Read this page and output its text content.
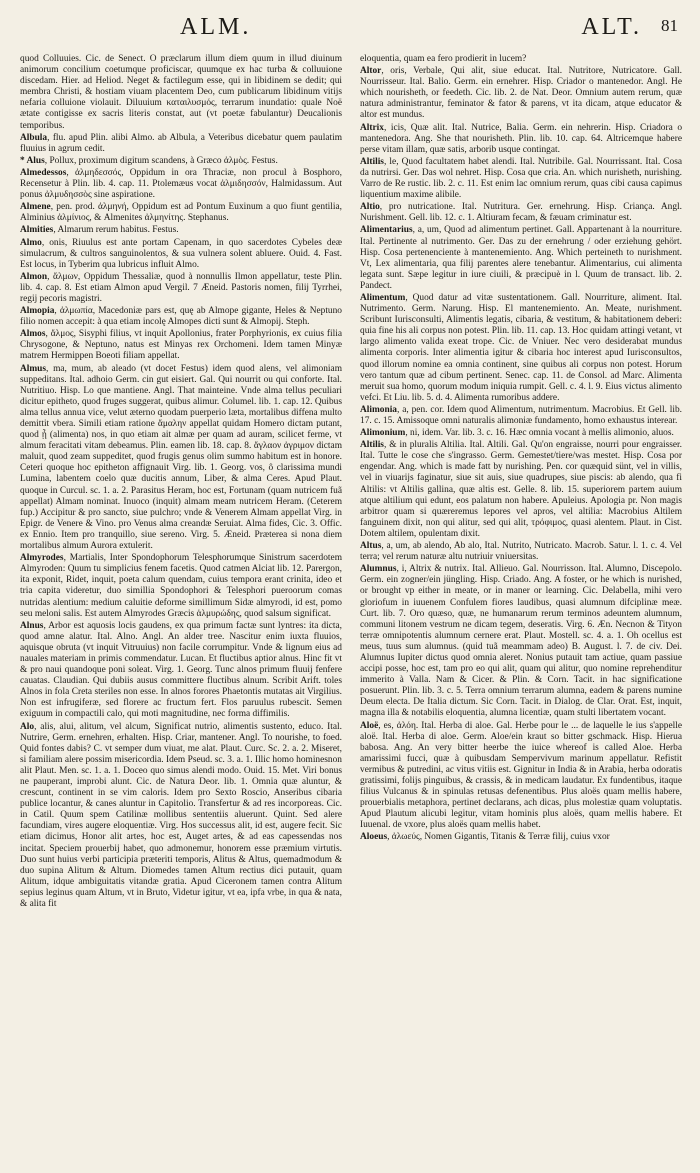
ALM.	ALT. 81

quod Colluuies. Cic. de Senect. O præclarum illum diem quum in illud diuinum animorum concilium coetumque proficiscar, quumque ex hac turba & colluuione discedam. Hier. ad Heliod. Neget & factilegum esse, qui in libidinem se dedit; qui membra Christi, & hostiam viuam placentem Deo, cum publicarum libidinum vitijs nefaria colluione violauit. Diluuium καταιλυσμός, terrarum inundatio: quale Noë ætate contigisse ex sacris literis constat, aut (vt poetæ fabulantur) Deucalionis temporibus.

Albula, flu. apud Plin. alibi Almo. ab Albula, a Veteribus dicebatur quem paulatim fluuius in agrum cedit.

* Alus, Pollux, proximum digitum scandens, à Græco ἀλμὸς. Festus.

Almedessos, ἀλμηδεσσός, Oppidum in ora Thraciæ, non procul à Bosphoro, Recensetur à Plin. lib. 4. cap. 11. Ptolemæus vocat ἀλμιδησσόν, Halmidassum. Aut ponus ἀλμυδησσὸς sine aspiratione.

Almene, pen. prod. ἀλμηνή, Oppidum est ad Pontum Euxinum a quo fiunt gentilia, Alminius ἀλμίνιος, & Almenites ἀλμηνίτης. Stephanus.

Almities, Almarum rerum habitus. Festus.

Almo, onis, Riuulus est ante portam Capenam, in quo sacerdotes Cybeles deæ simulacrum, & cultros sanguinolentos, & sua vulnera solent abluere. Ouid. 4. Fast. Est locus, in Tyberim qua lubricus influit Almo.

Almon, ἄλμων, Oppidum Thessaliæ, quod à nonnullis Ilmon appellatur, teste Plin. lib. 4. cap. 8. Est etiam Almon apud Vergil. 7 Æneid. Pastoris nomen, filij Tyrrhei, regij pecoris magistri.

Almopia, ἀλμωπία, Macedoniæ pars est, quę ab Almope gigante, Heles & Neptuno filio nomen accepit: à qua etiam incolę Almopes dicti sunt & Almopij. Steph.

Almos, ἄλμος, Sisyphi filius, vt inquit Apollonius, frater Porphyrionis, ex cuius filia Chrysogone, & Neptuno, natus est Minyas rex Orchomeni. Idem tamen Minyæ matrem Hermippen Boeoti filiam appellat.

Almus, ma, mum, ab aleado (vt docet Festus) idem quod alens, vel alimoniam suppeditans. Ital. adhoio Germ. cin gut eisiert. Gal. Qui nourrit ou qui conforte. Ital. Nutritiuo. Hisp. Lo que mantiene. Angl. That mainteine. Vnde alma tellus peculiari dicitur epitheto, quod fruges suggerat, quibus alimur. Columel. lib. 1. cap. 12. Quibus alma tellus annua vice, velut æterno quodam puerperio læta, mortalibus diffena multo demittit vbera. Simili etiam ratione ἄμαλην appellat quidam Homero dictam putant, quod ᾗ (alimenta) nos, in quo etiam ait almæ per quam ad auram, scilicet ferme, vt almum feracitati vitam debeamus. Plin. eamen lib. 18. cap. 8. ἄγλαον ἀγριμον dictam maluit, quod zeam suppeditet, quod frugis genus olim summo habitum est in honore. Ceteri quoque hoc epitheton affignauit Virg. lib. 1. Georg. vos, ô clarissima mundi Lumina, labentem coelo quæ ducitis annum, Liber, & alma Ceres. Apud Plaut. quoque in Curcul. sc. 1. a. 2. Parasitus Heram, hoc est, Fortunam (quam nutricem fuã appellat) Almam nominat. Inuoco (inquit) almam meam nutricem Heram. (Ceterem fup.) Accipitur & pro sancto, siue pulchro; vnde & Venerem Almam appellat Virg. in Epigr. de Venere & Vino. pro Venus alma creandæ Seruiat. Alma fides, Cic. 3. Offic. ex Ennio. Item pro tranquillo, siue sereno. Virg. 5. Æneid. Præterea si nona diem mortalibus almum Aurora extulerit.

Almyrodes, Martialis, Inter Spondophorum Telesphorumque Sinistrum sacerdotem Almyroden: Quum tu simplicius fenem facetis. Quod catmen Alciat lib. 12. Parergon, ita exponit, Ridet, inquit, poeta calum quendam, cuius tempora erant crinita, ideo et tria capita videretur, duo simillia Spondophori & Telesphori pueroorum comas nutridas alentium: medium caluitie deforme simillimum Sidæ almyrodi, id est, pomo seu meloni salis. Est autem Almyrodes Græcis ἁλμυρώδης, quod salsum significat.

Alnus, Arbor est aquosis locis gaudens, ex qua primum factæ sunt lyntres: ita dicta, quod amne alatur. Ital. Alno. Angl. An alder tree. Nascitur enim iuxta fluuios, aquisque obruta (vt inquit Vitruuius) non facile corrumpitur. Vnde & lignum eius ad nauales materiam in primis commendatur. Lucan. Et fluctibus aptior alnus. Hinc fit vt & pro naui quandoque poni soleat. Virg. 1. Georg. Tunc alnos primum fluuij fenfere cauatas. Claudian. Qui dubiis ausus committere fluctibus alnum. Scribit Arift. toles Alnos in fola Creta steriles non esse. In alnos forores Phaetontis mutatas ait Virgilius. Non est infrugiferæ, sed florere ac fructum fert. Flos paruulus rubescit. Semen exiguum in compactili calo, qui moti magnitudine, nec forma diffimilis.

Alo, alis, alui, alitum, vel alcum, Significat nutrio, alimentis sustento, educo. Ital. Nutrire, Germ. ernehren, erhalten. Hisp. Criar, mantener. Angl. To nourishe, to foed. Quid fontes dabis? C. vt semper dum viuat, me alat. Plaut. Curc. Sc. 2. a. 2. Miseret, si familiam alere possim misericordia. Idem Pseud. sc. 3. a. 1. Illic homo hominesnon alit Plaut. Men. sc. 1. a. 1. Doceo quo simus alendi modo. Ouid. 15. Met. Viri bonus ne pauperant, improbi alunt. Cic. de Natura Deor. lib. 1. Omnia quæ aluntur, & crescunt, continent in se vim caloris. Idem pro Sexto Roscio, Anseribus cibaria publice locantur, & canes aluntur in Capitolio. Transfertur & ad res incorporeas. Cic. in Catil. Quum spem Catilinæ mollibus sententiis aluerunt. Quint. Sed alere facundiam, vires augere eloquentiæ. Virg. Hos successus alit, id est, augere fecit. Sic etiam dicimus, Honor alit artes, hoc est, Auget artes, & ad eas capessendas nos incitat. Speciem prouerbij habet, quo admonemur, honorem esse præmium virtutis. Duo sunt huius verbi participia præteriti temporis, Alitus & Altus, quemadmodum & duo supina Alitum & Altum. Diomedes tamen Altum rectius dici putauit, quam Alitum, idque ambiguitatis vitandæ gratia. Apud Ciceronem tamen contra Alitum sepius leginus quam Altum, vt in Bruto, Videtur igitur, vt ea, ipfa vrbe, in qua & nata, & alita fit

eloquentia, quam ea fero prodierit in lucem?

Altor, oris, Verbale, Qui alit, siue educat. Ital. Nutritore, Nutricatore. Gall. Nourrisseur. Ital. Balio. Germ. ein ernehrer. Hisp. Criador o mantenedor. Angl. He which nourisheth, or feedeth. Cic. lib. 2. de Nat. Deor. Omnium autem rerum, quæ natura administrantur, feminator & fator & parens, vt ita dicam, atque educator & altor est mundus.

Altrix, icis, Quæ alit. Ital. Nutrice, Balia. Germ. ein nehrerin. Hisp. Criadora o mantenedora. Ang. She that nourisheth. Plin. lib. 10. cap. 64. Altricemque habere perse vitam illam, quæ satis, arborib usque contingat.

Altilis, le, Quod facultatem habet alendi. Ital. Nutribile. Gal. Nourrissant. Ital. Cosa da nutrirsi. Ger. Das wol nehret. Hisp. Cosa que cria. An. which nurisheth, nurishing. Varro de Re rustic. lib. 2. c. 11. Est enim lac omnium rerum, quas cibi causa capimus liquentium maxime alibile.

Altio, pro nutricatione. Ital. Nutritura. Ger. ernehrung. Hisp. Criança. Angl. Nurishment. Gell. lib. 12. c. 1. Altiuram fecam, & fæuam criminatur est.

Alimentarius, a, um, Quod ad alimentum pertinet. Gall. Appartenant à la nourriture. Ital. Pertinente al nutrimento. Ger. Das zu der ernehrung / oder erziehung gehört. Hisp. Cosa pertenenciente à mantenemiento. Ang. Which perteineth to nurishment. Vt, Lex alimentaria, qua filij parentes alere tenebantur. Alimentarius, cui alimenta legata sunt. Sæpe legitur in iure ciuili, & præcipuè in l. Quum de transact. lib. 2. Pandect.

Alimentum, Quod datur ad vitæ sustentationem. Gall. Nourriture, aliment. Ital. Nutrimento. Germ. Narung. Hisp. El mantenemiento. An. Meate, nurishment. Scribunt Iurisconsulti, Alimentis legatis, cibaria, & vestitum, & habitationem deberi: quia fine his ali corpus non potest. Plin. lib. 11. cap. 13. Hoc quidam attingi vetant, vt largo alimento valida exeat trope. Cic. de Vniuer. Nec vero desiderabat mundus alimenta corporis. Inter alimentia igitur & cibaria hoc interest apud Iurisconsultos, quod illorum nomine ea omnia continent, sine quibus ali corpus non potest. Horum vero tantum quæ ad cibum pertinent. Senec. cap. 11. de Consol. ad Marc. Alimenta meruit sua homo, quorum modum iniquia rumpit. Gell. c. 4. l. 9. Eius victus alimento vefci. Et Liu. lib. 5. d. 4. Alimenta rumoribus addere.

Alimonia, a, pen. cor. Idem quod Alimentum, nutrimentum. Macrobius. Et Gell. lib. 17. c. 15. Amissoque omni naturalis alimoniæ fundamento, homo exhaustus interear.

Alimonium, ni, idem. Var. lib. 3. c. 16. Hæc omnia vocant à mellis alimonio, aluos.

Altilis, & in pluralis Altilia. Ital. Altili. Gal. Qu'on engraisse, nourri pour engraisser. Ital. Tutte le cose che s'ingrasso. Germ. Gemestet/tiere/was mestet. Hisp. Cosa por engendar. Ang. which is made fatt by nurishing. Pen. cor quæquid sünt, vel in villis, vel in viuarijs faginatur, siue sit auis, siue quadrupes, siue piscis: ab alendo, qua fi Altilis: vt Altilis gallina, quæ altis est. Gelle. 8. lib. 15. superiorem partem auium atque altilium qui edunt, eos palatum non habere. Apuleius. Apologia pr. Non magis arbitror quam si quæreremus lepores vel apros, vel altilia: Macrobius Altilem fanguinem dixit, non qui alitur, sed qui alit, τρόφιμος, quasi alentem. Plaut. in Cist. Dotem altilem, opulentam dixit.

Altus, a, um, ab alendo, Ab alo, Ital. Nutrito, Nutricato. Macrob. Satur. l. 1. c. 4. Vel terra; vel rerum naturæ altu nutriuir vniuersitas.

Alumnus, i, Altrix & nutrix. Ital. Allieuo. Gal. Nourrisson. Ital. Alumno, Discepolo. Germ. ein zogner/ein jüngling. Hisp. Criado. Ang. A foster, or he which is nurished, or brought vp either in meate, or in maner or learning. Cic. Delabella, mihi vero gloriofum in iuuenem Confulem fiores laudibus, quasi alumnum difciplinæ meæ. Curt. lib. 7. Oro quæso, quæ, ne humanarum rerum terminos adeuntem alumnum, communi litonem vestrum ne dicam tegem, deseratis. Virg. 6. Æn. Necnon & Tityon terræ omnipotentis alumnum cernere erat. Plaut. Mostell. sc. 4. a. 1. Oh ocellus est meus, tuus sum alumnus. (quid tuã meammam adeo) B. August. l. 7. de civ. Dei. Alumnus Iupiter dictus quod omnia aleret. Nonius putauit tam actiue, quam passiue accipi posse, hoc est, tam pro eo qui alit, quam qui alitur, quo nomine reprehenditur immerito à Valla. Nam & Cicer. & Plin. & Corn. Tacit. in hac significatione posuerunt. Plin. lib. 3. c. 5. Terra omnium terrarum alumna, eadem & parens numine Deum electa. De Italia dictum. Sic Corn. Tacit. in Dialog. de Clar. Orat. Est, inquit, magna illa & notabilis eloquentia, alumna licentiæ, quam stulti libertatem vocant.

Aloë, es, ἀλόη. Ital. Herba di aloe. Gal. Herbe pour le ... de laquelle le ius s'appelle aloë. Ital. Herba di aloe. Germ. Aloe/ein kraut so bitter gschmack. Hisp. Hierua babosa. Ang. An very bitter heerbe the iuice whereof is called Aloe. Herba amarissimi fucci, quæ à quibusdam Sempervivum marinum appellatur. Refistit vermibus & putredini, ac vitus vitiis est. Gignitur in India & in Arabia, herba odoratis gratissimi, folijs pinguibus, & crassis, & in medicam laudatur. Ex fundentibus, itaque filius Vulcanus & in spinulas retusas defenentibus. Plus aloës quam mellis habere, prouerbialis metaphora, pertinet declarans, ach dicas, plus molestiæ quam voluptatis. Apud Plautum alicubi legitur, vitam hominis plus aloës, quam mellis habere. Et Iuuenal. de vxore, plus aloës quam mellis habet.

Aloeus, ἀλωεύς, Nomen Gigantis, Titanis & Terræ filij, cuius vxor
